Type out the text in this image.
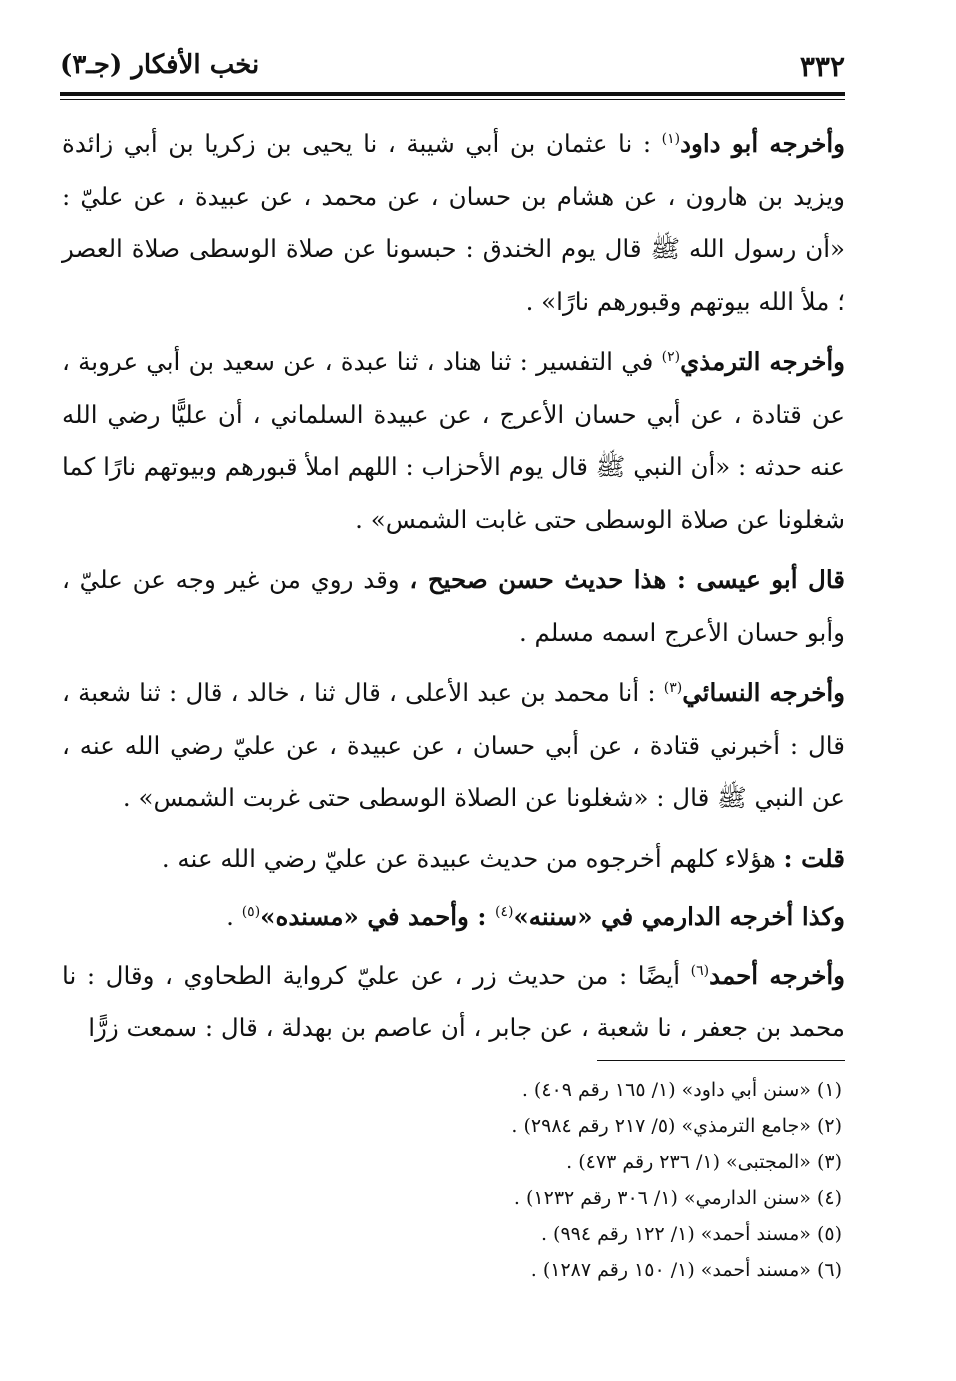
٣٣٢
نخب الأفكار (جـ٣)

وأخرجه أبو داود$^{(١)}$ : نا عثمان بن أبي شيبة ، نا يحيى بن زكريا بن أبي زائدة ويزيد بن هارون ، عن هشام بن حسان ، عن محمد ، عن عبيدة ، عن عليّ : «أن رسول الله ﷺ قال يوم الخندق : حبسونا عن صلاة الوسطى صلاة العصر ؛ ملأ الله بيوتهم وقبورهم نارًا» .

وأخرجه الترمذي$^{(٢)}$ في التفسير : ثنا هناد ، ثنا عبدة ، عن سعيد بن أبي عروبة ، عن قتادة ، عن أبي حسان الأعرج ، عن عبيدة السلماني ، أن عليًّا رضي الله عنه حدثه : «أن النبي ﷺ قال يوم الأحزاب : اللهم املأ قبورهم وبيوتهم نارًا كما شغلونا عن صلاة الوسطى حتى غابت الشمس» .

قال أبو عيسى : هذا حديث حسن صحيح ، وقد روي من غير وجه عن عليّ ، وأبو حسان الأعرج اسمه مسلم .

وأخرجه النسائي$^{(٣)}$ : أنا محمد بن عبد الأعلى ، قال ثنا ، خالد ، قال : ثنا شعبة ، قال : أخبرني قتادة ، عن أبي حسان ، عن عبيدة ، عن عليّ رضي الله عنه ، عن النبي ﷺ قال : «شغلونا عن الصلاة الوسطى حتى غربت الشمس» .

قلت : هؤلاء كلهم أخرجوه من حديث عبيدة عن عليّ رضي الله عنه .

وكذا أخرجه الدارمي في «سننه»$^{(٤)}$ : وأحمد في «مسنده»$^{(٥)}$ .

وأخرجه أحمد$^{(٦)}$ أيضًا : من حديث زر ، عن عليّ كرواية الطحاوي ، وقال : نا محمد بن جعفر ، نا شعبة ، عن جابر ، أن عاصم بن بهدلة ، قال : سمعت زرًّا

(١) «سنن أبي داود» (١/ ١٦٥ رقم ٤٠٩) .

(٢) «جامع الترمذي» (٥/ ٢١٧ رقم ٢٩٨٤) .

(٣) «المجتبى» (١/ ٢٣٦ رقم ٤٧٣) .

(٤) «سنن الدارمي» (١/ ٣٠٦ رقم ١٢٣٢) .

(٥) «مسند أحمد» (١/ ١٢٢ رقم ٩٩٤) .

(٦) «مسند أحمد» (١/ ١٥٠ رقم ١٢٨٧) .
